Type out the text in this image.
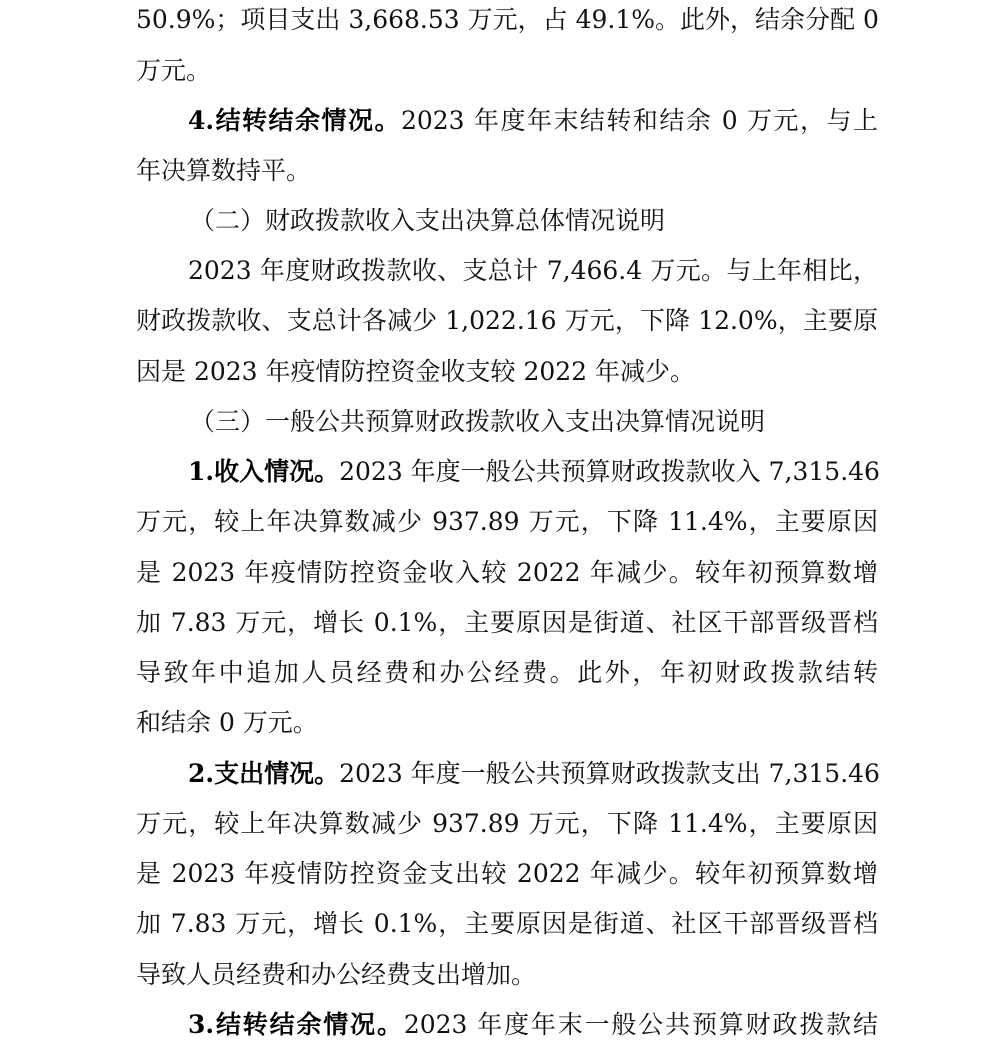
50.9%；项目支出 3,668.53 万元，占 49.1%。此外，结余分配 0
万元。
4.结转结余情况。2023 年度年末结转和结余 0 万元，与上
年决算数持平。
（二）财政拨款收入支出决算总体情况说明
2023 年度财政拨款收、支总计 7,466.4 万元。与上年相比，
财政拨款收、支总计各减少 1,022.16 万元，下降 12.0%，主要原
因是 2023 年疫情防控资金收支较 2022 年减少。
（三）一般公共预算财政拨款收入支出决算情况说明
1.收入情况。2023 年度一般公共预算财政拨款收入 7,315.46
万元，较上年决算数减少 937.89 万元，下降 11.4%，主要原因
是 2023 年疫情防控资金收入较 2022 年减少。较年初预算数增
加 7.83 万元，增长 0.1%，主要原因是街道、社区干部晋级晋档
导致年中追加人员经费和办公经费。此外，年初财政拨款结转
和结余 0 万元。
2.支出情况。2023 年度一般公共预算财政拨款支出 7,315.46
万元，较上年决算数减少 937.89 万元，下降 11.4%，主要原因
是 2023 年疫情防控资金支出较 2022 年减少。较年初预算数增
加 7.83 万元，增长 0.1%，主要原因是街道、社区干部晋级晋档
导致人员经费和办公经费支出增加。
3.结转结余情况。2023 年度年末一般公共预算财政拨款结
